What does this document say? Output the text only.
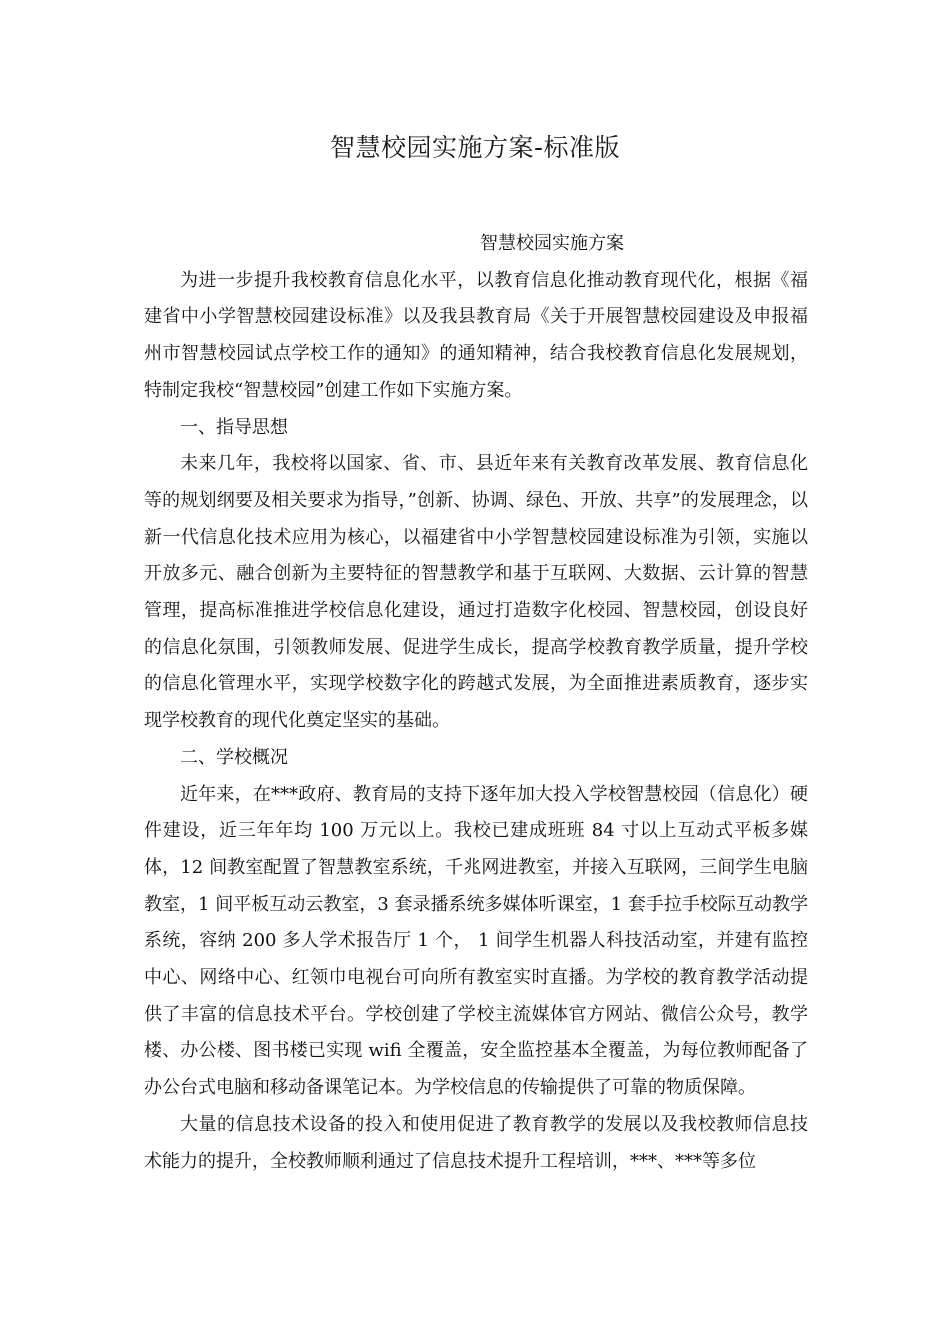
智慧校园实施方案-标准版

智慧校园实施方案

为进一步提升我校教育信息化水平，以教育信息化推动教育现代化，根据《福建省中小学智慧校园建设标准》以及我县教育局《关于开展智慧校园建设及申报福州市智慧校园试点学校工作的通知》的通知精神，结合我校教育信息化发展规划，特制定我校“智慧校园”创建工作如下实施方案。

一、指导思想

未来几年，我校将以国家、省、市、县近年来有关教育改革发展、教育信息化等的规划纲要及相关要求为指导，”创新、协调、绿色、开放、共享”的发展理念，以新一代信息化技术应用为核心，以福建省中小学智慧校园建设标准为引领，实施以开放多元、融合创新为主要特征的智慧教学和基于互联网、大数据、云计算的智慧管理，提高标准推进学校信息化建设，通过打造数字化校园、智慧校园，创设良好的信息化氛围，引领教师发展、促进学生成长，提高学校教育教学质量，提升学校的信息化管理水平，实现学校数字化的跨越式发展，为全面推进素质教育，逐步实现学校教育的现代化奠定坚实的基础。

二、学校概况

近年来，在***政府、教育局的支持下逐年加大投入学校智慧校园（信息化）硬件建设，近三年年均 100 万元以上。我校已建成班班 84 寸以上互动式平板多媒体，12 间教室配置了智慧教室系统，千兆网进教室，并接入互联网，三间学生电脑教室，1 间平板互动云教室，3 套录播系统多媒体听课室，1 套手拉手校际互动教学系统，容纳 200 多人学术报告厅 1 个， 1 间学生机器人科技活动室，并建有监控中心、网络中心、红领巾电视台可向所有教室实时直播。为学校的教育教学活动提供了丰富的信息技术平台。学校创建了学校主流媒体官方网站、微信公众号，教学楼、办公楼、图书楼已实现 wifi 全覆盖，安全监控基本全覆盖，为每位教师配备了办公台式电脑和移动备课笔记本。为学校信息的传输提供了可靠的物质保障。

大量的信息技术设备的投入和使用促进了教育教学的发展以及我校教师信息技术能力的提升，全校教师顺利通过了信息技术提升工程培训，***、***等多位
